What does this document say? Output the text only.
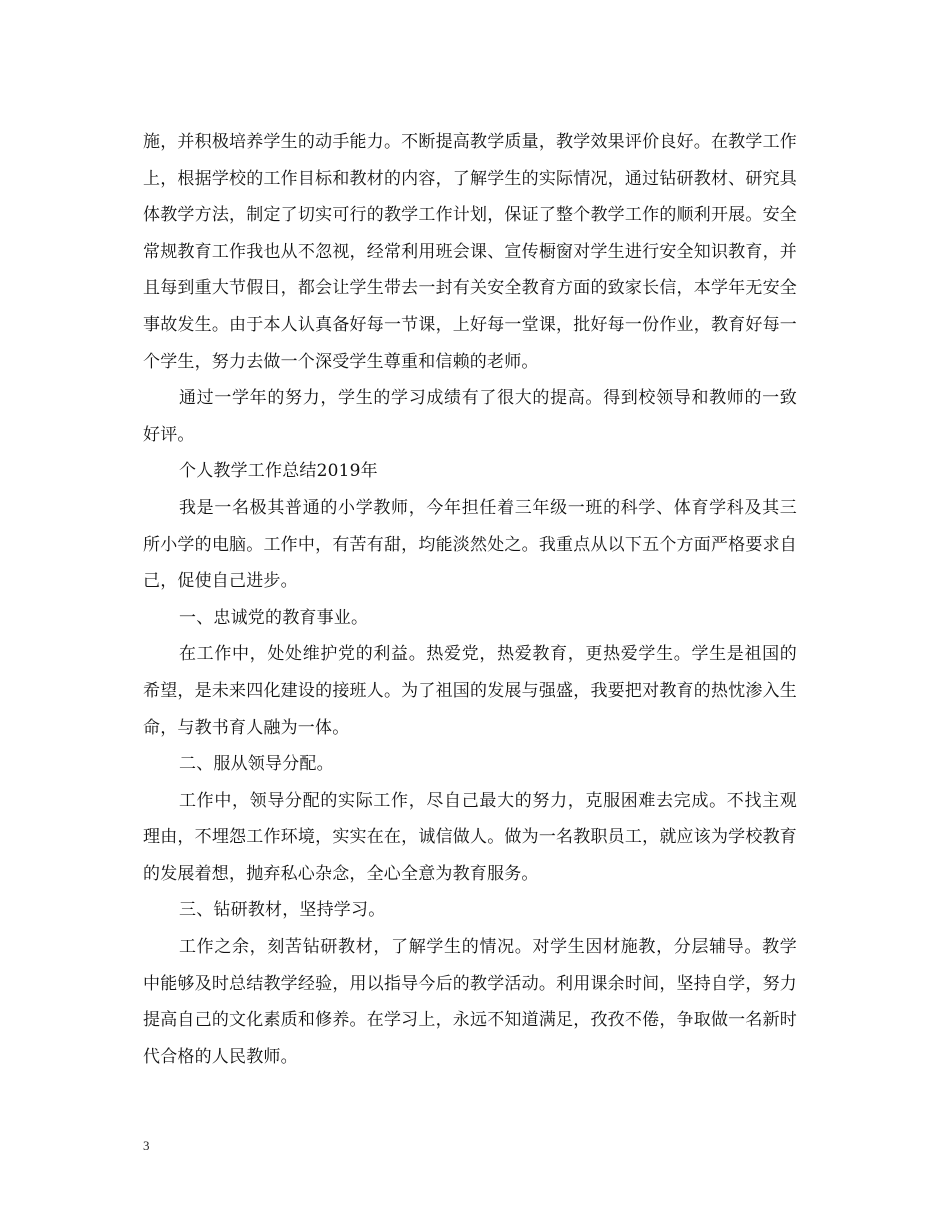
施，并积极培养学生的动手能力。不断提高教学质量，教学效果评价良好。在教学工作上，根据学校的工作目标和教材的内容，了解学生的实际情况，通过钻研教材、研究具体教学方法，制定了切实可行的教学工作计划，保证了整个教学工作的顺利开展。安全常规教育工作我也从不忽视，经常利用班会课、宣传橱窗对学生进行安全知识教育，并且每到重大节假日，都会让学生带去一封有关安全教育方面的致家长信，本学年无安全事故发生。由于本人认真备好每一节课，上好每一堂课，批好每一份作业，教育好每一个学生，努力去做一个深受学生尊重和信赖的老师。

通过一学年的努力，学生的学习成绩有了很大的提高。得到校领导和教师的一致好评。

个人教学工作总结2019年

我是一名极其普通的小学教师，今年担任着三年级一班的科学、体育学科及其三所小学的电脑。工作中，有苦有甜，均能淡然处之。我重点从以下五个方面严格要求自己，促使自己进步。

一、忠诚党的教育事业。

在工作中，处处维护党的利益。热爱党，热爱教育，更热爱学生。学生是祖国的希望，是未来四化建设的接班人。为了祖国的发展与强盛，我要把对教育的热忱渗入生命，与教书育人融为一体。

二、服从领导分配。

工作中，领导分配的实际工作，尽自己最大的努力，克服困难去完成。不找主观理由，不埋怨工作环境，实实在在，诚信做人。做为一名教职员工，就应该为学校教育的发展着想，抛弃私心杂念，全心全意为教育服务。

三、钻研教材，坚持学习。

工作之余，刻苦钻研教材，了解学生的情况。对学生因材施教，分层辅导。教学中能够及时总结教学经验，用以指导今后的教学活动。利用课余时间，坚持自学，努力提高自己的文化素质和修养。在学习上，永远不知道满足，孜孜不倦，争取做一名新时代合格的人民教师。

3
